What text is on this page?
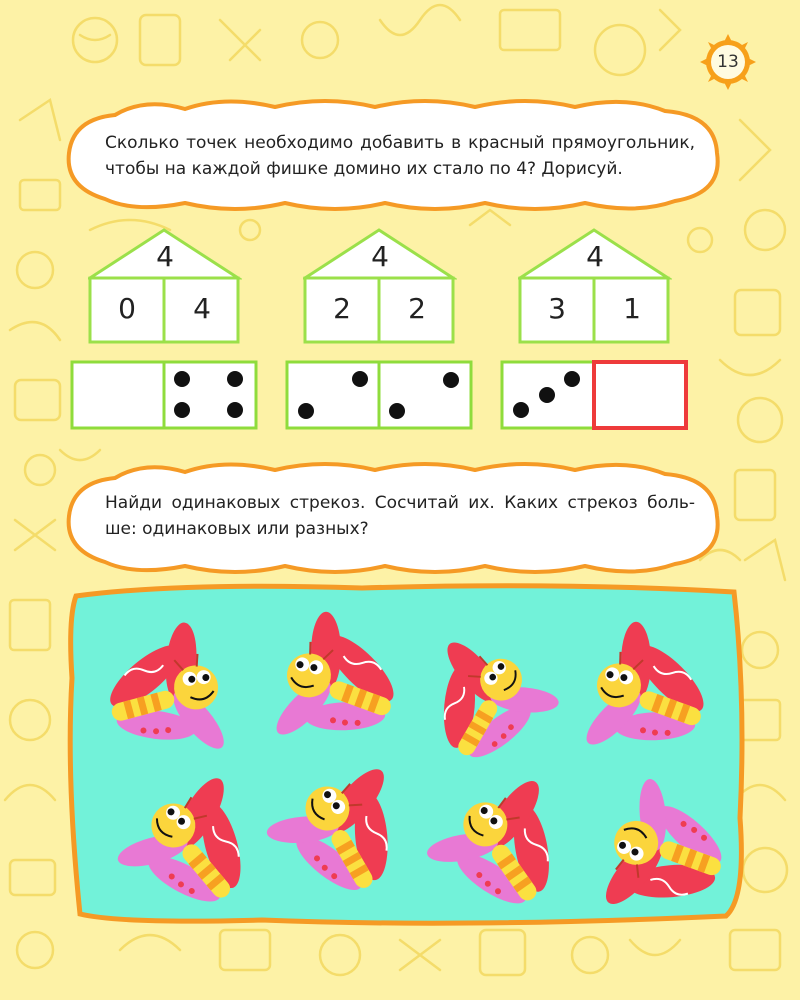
13
Сколько точек необходимо добавить в красный прямоугольник,
чтобы на каждой фишке домино их стало по 4? Дорисуй.
4
0	4
4
2	2
4
3	1
Найди одинаковых стрекоз. Сосчитай их. Каких стрекоз боль-
ше: одинаковых или разных?
